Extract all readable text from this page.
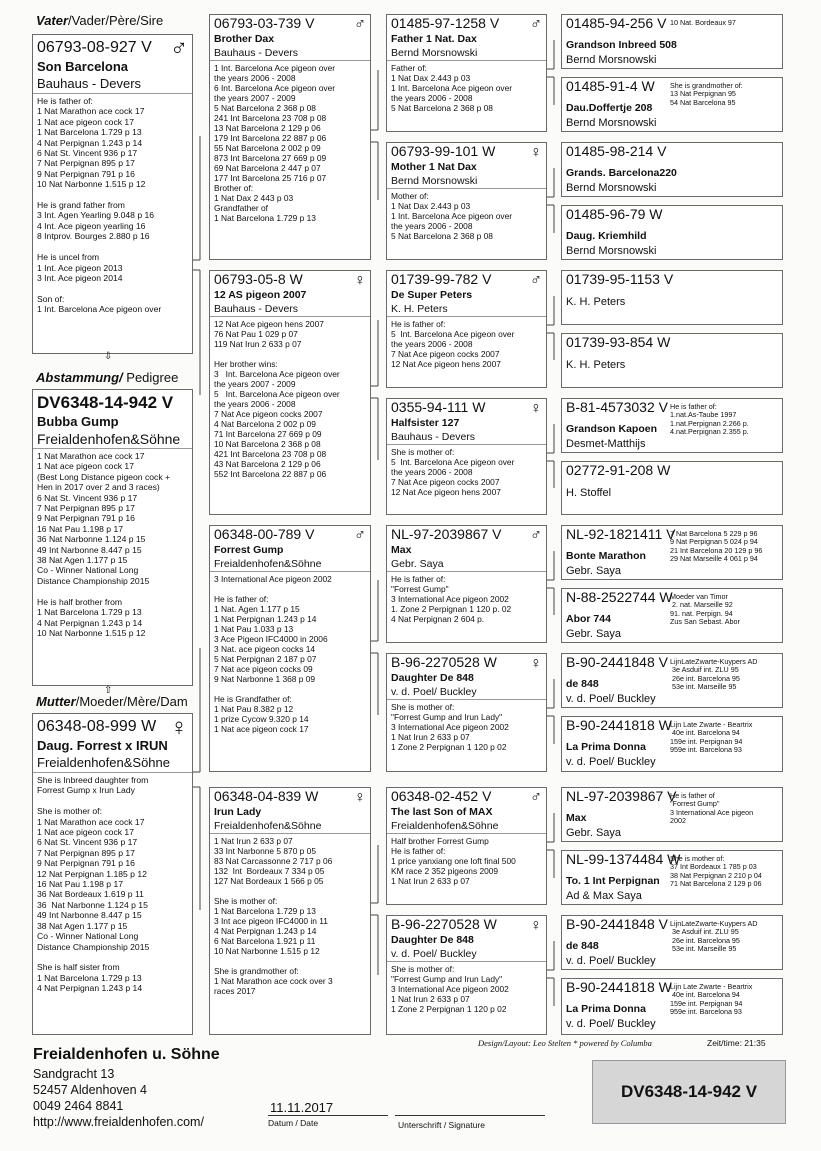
Vater/Vader/Père/Sire
06793-08-927 V ♂
Son Barcelona
Bauhaus - Devers
He is father of:
1 Nat Marathon ace cock 17
1 Nat ace pigeon cock 17
1 Nat Barcelona 1.729 p 13
4 Nat Perpignan 1.243 p 14
6 Nat St. Vincent 936 p 17
7 Nat Perpignan 895 p 17
9 Nat Perpignan 791 p 16
10 Nat Narbonne 1.515 p 12

He is grand father from
3 Int. Agen Yearling 9.048 p 16
4 Int. Ace pigeon yearling 16
8 Intprov. Bourges 2.880 p 16

He is uncel from
1 Int. Ace pigeon 2013
3 Int. Ace pigeon 2014

Son of:
1 Int. Barcelona Ace pigeon over
⇩
Abstammung/ Pedigree
DV6348-14-942 V
Bubba Gump
Freialdenhofen&Söhne
1 Nat Marathon ace cock 17
1 Nat ace pigeon cock 17
(Best Long Distance pigeon cock +
Hen in 2017 over 2 and 3 races)
6 Nat St. Vincent 936 p 17
7 Nat Perpignan 895 p 17
9 Nat Perpignan 791 p 16
16 Nat Pau 1.198 p 17
36 Nat Narbonne 1.124 p 15
49 Int Narbonne 8.447 p 15
38 Nat Agen 1.177 p 15
Co - Winner National Long
Distance Championship 2015

He is half brother from
1 Nat Barcelona 1.729 p 13
4 Nat Perpignan 1.243 p 14
10 Nat Narbonne 1.515 p 12
⇧
Mutter/Moeder/Mère/Dam
06348-08-999 W ♀
Daug. Forrest x IRUN
Freialdenhofen&Söhne
She is Inbreed daughter from
Forrest Gump x Irun Lady

She is mother of:
1 Nat Marathon ace cock 17
1 Nat ace pigeon cock 17
6 Nat St. Vincent 936 p 17
7 Nat Perpignan 895 p 17
9 Nat Perpignan 791 p 16
12 Nat Perpignan 1.185 p 12
16 Nat Pau 1.198 p 17
36 Nat Bordeaux 1.619 p 11
36  Nat Narbonne 1.124 p 15
49 Int Narbonne 8.447 p 15
38 Nat Agen 1.177 p 15
Co - Winner National Long
Distance Championship 2015

She is half sister from
1 Nat Barcelona 1.729 p 13
4 Nat Perpignan 1.243 p 14
06793-03-739 V	♂
Brother Dax
Bauhaus - Devers
1 Int. Barcelona Ace pigeon over
the years 2006 - 2008
6 Int. Barcelona Ace pigeon over
the years 2007 - 2009
5 Nat Barcelona 2 368 p 08
241 Int Barcelona 23 708 p 08
13 Nat Barcelona 2 129 p 06
179 Int Barcelona 22 887 p 06
55 Nat Barcelona 2 002 p 09
873 Int Barcelona 27 669 p 09
69 Nat Barcelona 2 447 p 07
177 Int Barcelona 25 716 p 07
Brother of:
1 Nat Dax 2 443 p 03
Grandfather of
1 Nat Barcelona 1.729 p 13
06793-05-8 W	♀
12 AS pigeon 2007
Bauhaus - Devers
12 Nat Ace pigeon hens 2007
76 Nat Pau 1 029 p 07
119 Nat Irun 2 633 p 07

Her brother wins:
3   Int. Barcelona Ace pigeon over
the years 2007 - 2009
5   Int. Barcelona Ace pigeon over
the years 2006 - 2008
7 Nat Ace pigeon cocks 2007
4 Nat Barcelona 2 002 p 09
71 Int Barcelona 27 669 p 09
10 Nat Barcelona 2 368 p 08
421 Int Barcelona 23 708 p 08
43 Nat Barcelona 2 129 p 06
552 Int Barcelona 22 887 p 06
06348-00-789 V	♂
Forrest Gump
Freialdenhofen&Söhne
3 International Ace pigeon 2002

He is father of:
1 Nat. Agen 1.177 p 15
1 Nat Perpignan 1.243 p 14
1 Nat Pau 1.033 p 13
3 Ace Pigeon IFC4000 in 2006
3 Nat. ace pigeon cocks 14
5 Nat Perpignan 2 187 p 07
7 Nat ace pigeon cocks 09
9 Nat Narbonne 1 368 p 09

He is Grandfather of:
1 Nat Pau 8.382 p 12
1 prize Cycow 9.320 p 14
1 Nat ace pigeon cock 17
06348-04-839 W	♀
Irun Lady
Freialdenhofen&Söhne
1 Nat Irun 2 633 p 07
33 Int Narbonne 5 870 p 05
83 Nat Carcassonne 2 717 p 06
132  Int  Bordeaux 7 334 p 05
127 Nat Bordeaux 1 566 p 05

She is mother of:
1 Nat Barcelona 1.729 p 13
3 Int ace pigeon IFC4000 in 11
4 Nat Perpignan 1.243 p 14
6 Nat Barcelona 1.921 p 11
10 Nat Narbonne 1.515 p 12

She is grandmother of:
1 Nat Marathon ace cock over 3
races 2017
01485-97-1258 V	♂
Father 1 Nat. Dax
Bernd Morsnowski
Father of:
1 Nat Dax 2.443 p 03
1 Int. Barcelona Ace pigeon over
the years 2006 - 2008
5 Nat Barcelona 2 368 p 08
06793-99-101 W	♀
Mother 1 Nat Dax
Bernd Morsnowski
Mother of:
1 Nat Dax 2.443 p 03
1 Int. Barcelona Ace pigeon over
the years 2006 - 2008
5 Nat Barcelona 2 368 p 08
01739-99-782 V	♂
De Super Peters
K. H. Peters
He is father of:
5  Int. Barcelona Ace pigeon over
the years 2006 - 2008
7 Nat Ace pigeon cocks 2007
12 Nat Ace pigeon hens 2007
0355-94-111 W	♀
Halfsister 127
Bauhaus - Devers
She is mother of:
5  Int. Barcelona Ace pigeon over
the years 2006 - 2008
7 Nat Ace pigeon cocks 2007
12 Nat Ace pigeon hens 2007
NL-97-2039867 V	♂
Max
Gebr. Saya
He is father of:
"Forrest Gump"
3 International Ace pigeon 2002
1. Zone 2 Perpignan 1 120 p. 02
4 Nat Perpignan 2 604 p.
B-96-2270528 W	♀
Daughter De 848
v. d. Poel/ Buckley
She is mother of:
"Forrest Gump and Irun Lady"
3 International Ace pigeon 2002
1 Nat Irun 2 633 p 07
1 Zone 2 Perpignan 1 120 p 02
06348-02-452 V	♂
The last Son of MAX
Freialdenhofen&Söhne
Half brother Forrest Gump
He is father of:
1 price yanxiang one loft final 500
KM race 2 352 pigeons 2009
1 Nat Irun 2 633 p 07
B-96-2270528 W	♀
Daughter De 848
v. d. Poel/ Buckley
She is mother of:
"Forrest Gump and Irun Lady"
3 International Ace pigeon 2002
1 Nat Irun 2 633 p 07
1 Zone 2 Perpignan 1 120 p 02
01485-94-256 V
Grandson Inbreed 508
Bernd Morsnowski
10 Nat. Bordeaux 97
01485-91-4 W
Dau.Doffertje 208
Bernd Morsnowski
She is grandmother of:
13 Nat Perpignan 95
54 Nat Barcelona 95
01485-98-214 V
Grands. Barcelona220
Bernd Morsnowski
01485-96-79 W
Daug. Kriemhild
Bernd Morsnowski
01739-95-1153 V
K. H. Peters
01739-93-854 W
K. H. Peters
B-81-4573032 V
Grandson Kapoen
Desmet-Matthijs
He is father of:
1.nat.As-Taube 1997
1.nat.Perpignan 2.266 p.
4.nat.Perpignan 2.355 p.
02772-91-208 W
H. Stoffel
NL-92-1821411 V
Bonte Marathon
Gebr. Saya
7 Nat Barcelona 5 229 p 96
9 Nat Perpignan 5 024 p 94
21 Int Barcelona 20 129 p 96
29 Nat Marseille 4 061 p 94
N-88-2522744 W
Abor 744
Gebr. Saya
Moeder van Timor
2. nat. Marseille 92
91. nat. Perpign. 94
Zus San Sebast. Abor
B-90-2441848 V
de 848
v. d. Poel/ Buckley
LijnLateZwarte-Kuypers AD
3e Asduif int. ZLU 95
26e int. Barcelona 95
53e int. Marseille 95
B-90-2441818 W
La Prima Donna
v. d. Poel/ Buckley
Lijn Late Zwarte - Beartrix
40e int. Barcelona 94
159e int. Perpignan 94
959e int. Barcelona 93
NL-97-2039867 V
Max
Gebr. Saya
He is father of
"Forrest Gump"
3 International Ace pigeon
2002
NL-99-1374484 W
To. 1 Int Perpignan
Ad & Max Saya
She is mother of:
37 Int Bordeaux 1 785 p 03
38 Nat Perpignan 2 210 p 04
71 Nat Barcelona 2 129 p 06
B-90-2441848 V
de 848
v. d. Poel/ Buckley
LijnLateZwarte-Kuypers AD
3e Asduif int. ZLU 95
26e int. Barcelona 95
53e int. Marseille 95
B-90-2441818 W
La Prima Donna
v. d. Poel/ Buckley
Lijn Late Zwarte - Beartrix
40e int. Barcelona 94
159e int. Perpignan 94
959e int. Barcelona 93
Design/Layout: Leo Stelten * powered by Columba	Zeit/time: 21:35
Freialdenhofen u. Söhne
Sandgracht 13
52457 Aldenhoven 4
0049 2464 8841
http://www.freialdenhofen.com/
11.11.2017
Datum / Date	Unterschrift / Signature
DV6348-14-942 V
